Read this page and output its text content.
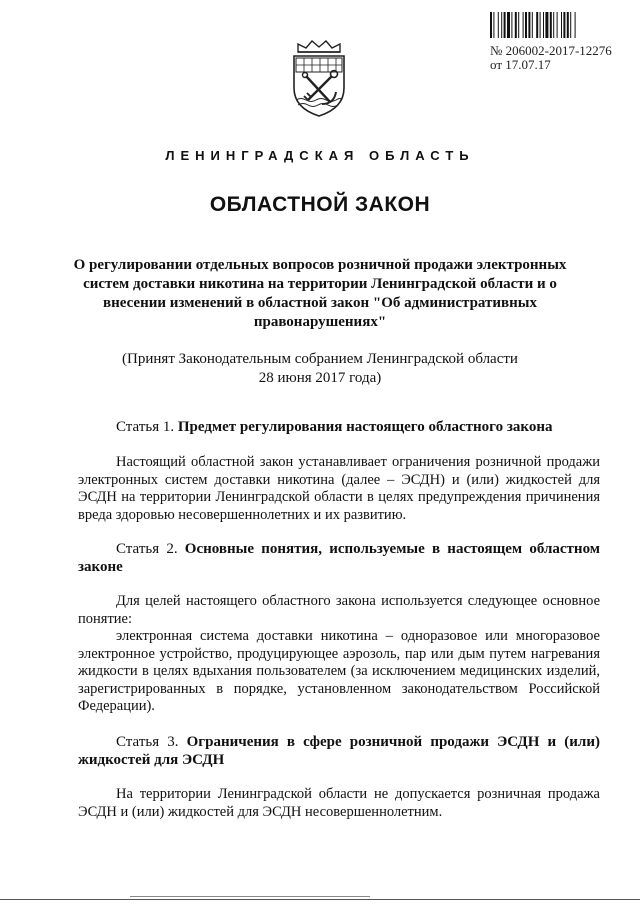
№ 206002-2017-12276
от 17.07.17
ЛЕНИНГРАДСКАЯ ОБЛАСТЬ
ОБЛАСТНОЙ ЗАКОН
О регулировании отдельных вопросов розничной продажи электронных систем доставки никотина на территории Ленинградской области и о внесении изменений в областной закон "Об административных правонарушениях"
(Принят Законодательным собранием Ленинградской области
28 июня 2017 года)
Статья 1. Предмет регулирования настоящего областного закона

Настоящий областной закон устанавливает ограничения розничной продажи электронных систем доставки никотина (далее – ЭСДН) и (или) жидкостей для ЭСДН на территории Ленинградской области в целях предупреждения причинения вреда здоровью несовершеннолетних и их развитию.

Статья 2. Основные понятия, используемые в настоящем областном законе

Для целей настоящего областного закона используется следующее основное понятие:

электронная система доставки никотина – одноразовое или многоразовое электронное устройство, продуцирующее аэрозоль, пар или дым путем нагревания жидкости в целях вдыхания пользователем (за исключением медицинских изделий, зарегистрированных в порядке, установленном законодательством Российской Федерации).

Статья 3. Ограничения в сфере розничной продажи ЭСДН и (или) жидкостей для ЭСДН

На территории Ленинградской области не допускается розничная продажа ЭСДН и (или) жидкостей для ЭСДН несовершеннолетним.
